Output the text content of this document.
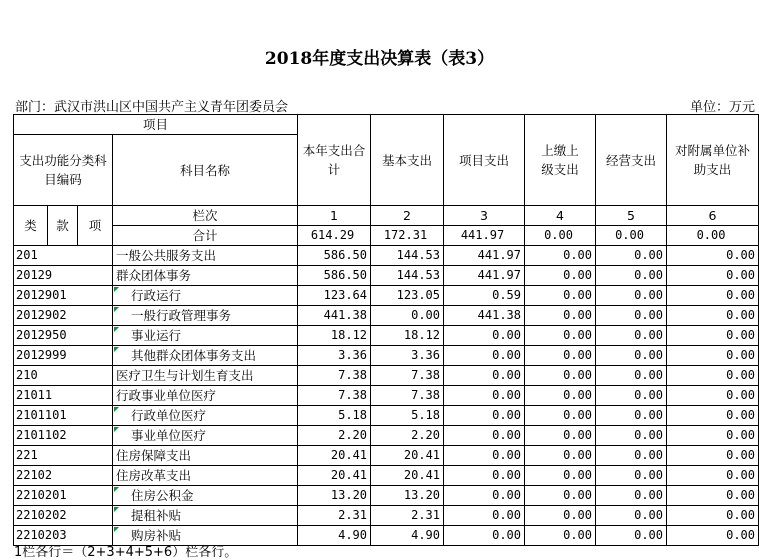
2018年度支出决算表（表3）
部门：武汉市洪山区中国共产主义青年团委员会	单位：万元
项目				本年支出合计	基本支出	项目支出	上缴上级支出	经营支出	对附属单位补助支出
支出功能分类科目编码			科目名称						
类	款	项							
			栏次	1	2	3	4	5	6
			合计	614.29	172.31	441.97	0.00	0.00	0.00
201			一般公共服务支出	586.50	144.53	441.97	0.00	0.00	0.00
20129			群众团体事务	586.50	144.53	441.97	0.00	0.00	0.00
2012901			行政运行	123.64	123.05	0.59	0.00	0.00	0.00
2012902			一般行政管理事务	441.38	0.00	441.38	0.00	0.00	0.00
2012950			事业运行	18.12	18.12	0.00	0.00	0.00	0.00
2012999			其他群众团体事务支出	3.36	3.36	0.00	0.00	0.00	0.00
210			医疗卫生与计划生育支出	7.38	7.38	0.00	0.00	0.00	0.00
21011			行政事业单位医疗	7.38	7.38	0.00	0.00	0.00	0.00
2101101			行政单位医疗	5.18	5.18	0.00	0.00	0.00	0.00
2101102			事业单位医疗	2.20	2.20	0.00	0.00	0.00	0.00
221			住房保障支出	20.41	20.41	0.00	0.00	0.00	0.00
22102			住房改革支出	20.41	20.41	0.00	0.00	0.00	0.00
2210201			住房公积金	13.20	13.20	0.00	0.00	0.00	0.00
2210202			提租补贴	2.31	2.31	0.00	0.00	0.00	0.00
2210203			购房补贴	4.90	4.90	0.00	0.00	0.00	0.00
1栏各行＝（2+3+4+5+6）栏各行。
